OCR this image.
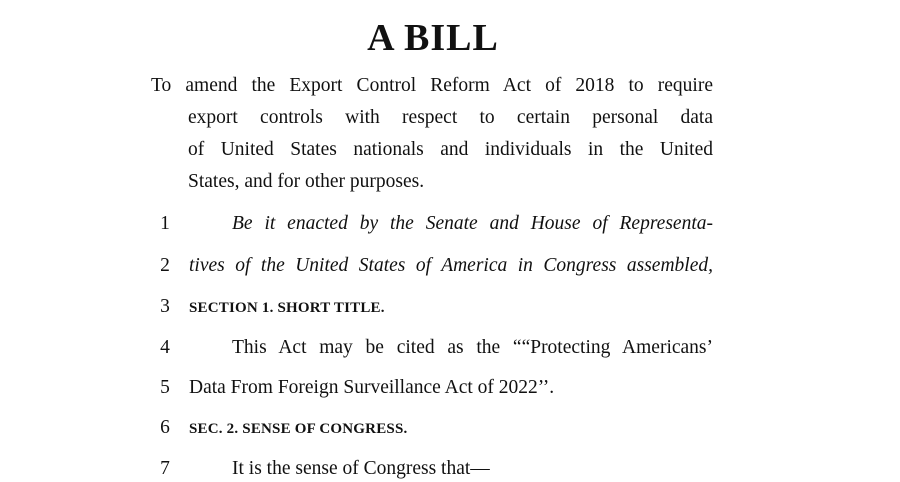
A BILL
To amend the Export Control Reform Act of 2018 to require
export controls with respect to certain personal data
of United States nationals and individuals in the United
States, and for other purposes.
1	Be it enacted by the Senate and House of Representa-
2 tives of the United States of America in Congress assembled,
3	SECTION 1. SHORT TITLE.
4	This Act may be cited as the ““Protecting Americans’
5 Data From Foreign Surveillance Act of 2022’’.
6	SEC. 2. SENSE OF CONGRESS.
7	It is the sense of Congress that—
